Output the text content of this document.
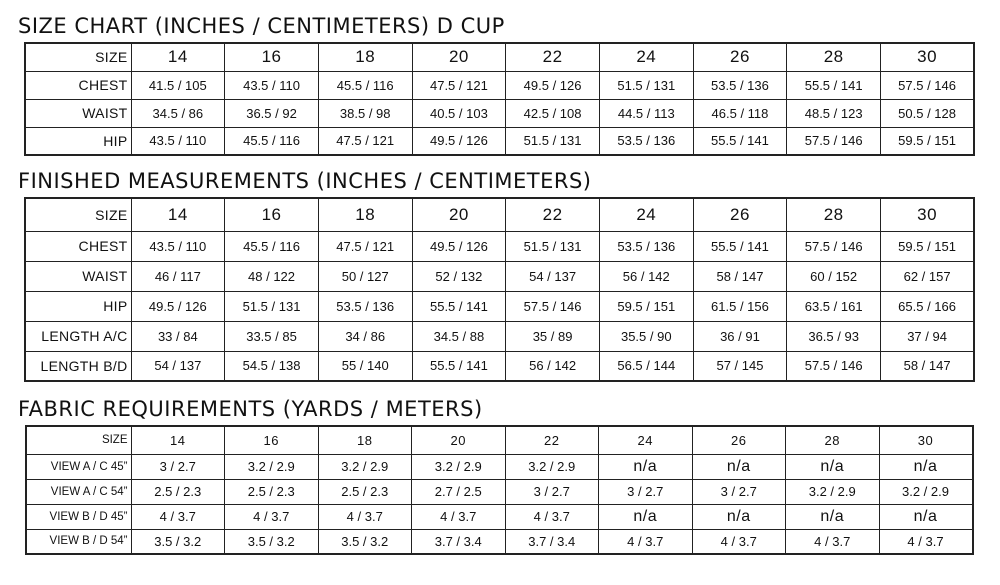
SIZE CHART (INCHES / CENTIMETERS) D CUP
SIZE	14	16	18	20	22	24	26	28	30
CHEST	41.5 / 105	43.5 / 110	45.5 / 116	47.5 / 121	49.5 / 126	51.5 / 131	53.5 / 136	55.5 / 141	57.5 / 146
WAIST	34.5 / 86	36.5 / 92	38.5 / 98	40.5 / 103	42.5 / 108	44.5 / 113	46.5 / 118	48.5 / 123	50.5 / 128
HIP	43.5 / 110	45.5 / 116	47.5 / 121	49.5 / 126	51.5 / 131	53.5 / 136	55.5 / 141	57.5 / 146	59.5 / 151
FINISHED MEASUREMENTS (INCHES / CENTIMETERS)
SIZE	14	16	18	20	22	24	26	28	30
CHEST	43.5 / 110	45.5 / 116	47.5 / 121	49.5 / 126	51.5 / 131	53.5 / 136	55.5 / 141	57.5 / 146	59.5 / 151
WAIST	46 / 117	48 / 122	50 / 127	52 / 132	54 / 137	56 / 142	58 / 147	60 / 152	62 / 157
HIP	49.5 / 126	51.5 / 131	53.5 / 136	55.5 / 141	57.5 / 146	59.5 / 151	61.5 / 156	63.5 / 161	65.5 / 166
LENGTH A/C	33 / 84	33.5 / 85	34 / 86	34.5 / 88	35 / 89	35.5 / 90	36 / 91	36.5 / 93	37 / 94
LENGTH B/D	54 / 137	54.5 / 138	55 / 140	55.5 / 141	56 / 142	56.5 / 144	57 / 145	57.5 / 146	58 / 147
FABRIC REQUIREMENTS (YARDS / METERS)
SIZE	14	16	18	20	22	24	26	28	30
VIEW A / C 45”	3 / 2.7	3.2 / 2.9	3.2 / 2.9	3.2 / 2.9	3.2 / 2.9	n/a	n/a	n/a	n/a
VIEW A / C 54”	2.5 / 2.3	2.5 / 2.3	2.5 / 2.3	2.7 / 2.5	3 / 2.7	3 / 2.7	3 / 2.7	3.2 / 2.9	3.2 / 2.9
VIEW B / D 45”	4 / 3.7	4 / 3.7	4 / 3.7	4 / 3.7	4 / 3.7	n/a	n/a	n/a	n/a
VIEW B / D 54”	3.5 / 3.2	3.5 / 3.2	3.5 / 3.2	3.7 / 3.4	3.7 / 3.4	4 / 3.7	4 / 3.7	4 / 3.7	4 / 3.7
